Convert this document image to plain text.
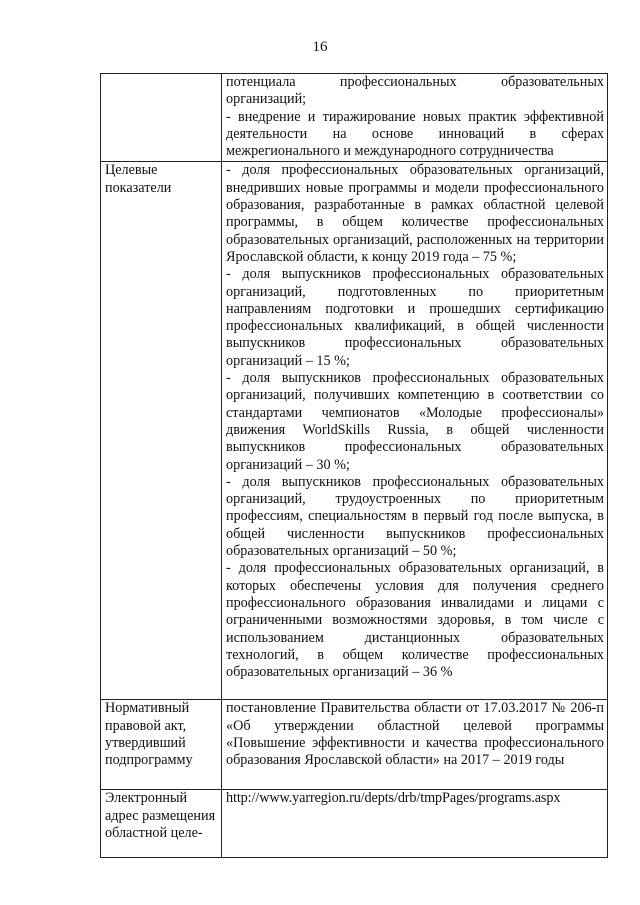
16

	потенциала профессиональных образовательных организаций;
- внедрение и тиражирование новых практик эффективной деятельности на основе инноваций в сферах межрегионального и международного сотрудничества

Целевые показатели	- доля профессиональных образовательных организаций, внедривших новые программы и модели профессионального образования, разработанные в рамках областной целевой программы, в общем количестве профессиональных образовательных организаций, расположенных на территории Ярославской области, к концу 2019 года – 75 %;
- доля выпускников профессиональных образовательных организаций, подготовленных по приоритетным направлениям подготовки и прошедших сертификацию профессиональных квалификаций, в общей численности выпускников профессиональных образовательных организаций – 15 %;
- доля выпускников профессиональных образовательных организаций, получивших компетенцию в соответствии со стандартами чемпионатов «Молодые профессионалы» движения WorldSkills Russia, в общей численности выпускников профессиональных образовательных организаций – 30 %;
- доля выпускников профессиональных образовательных организаций, трудоустроенных по приоритетным профессиям, специальностям в первый год после выпуска, в общей численности выпускников профессиональных образовательных организаций – 50 %;
- доля профессиональных образовательных организаций, в которых обеспечены условия для получения среднего профессионального образования инвалидами и лицами с ограниченными возможностями здоровья, в том числе с использованием дистанционных образовательных технологий, в общем количестве профессиональных образовательных организаций – 36 %

Нормативный правовой акт, утвердивший подпрограмму	постановление Правительства области от 17.03.2017 № 206-п «Об утверждении областной целевой программы «Повышение эффективности и качества профессионального образования Ярославской области» на 2017 – 2019 годы

Электронный адрес размещения областной целе-	http://www.yarregion.ru/depts/drb/tmpPages/programs.aspx
